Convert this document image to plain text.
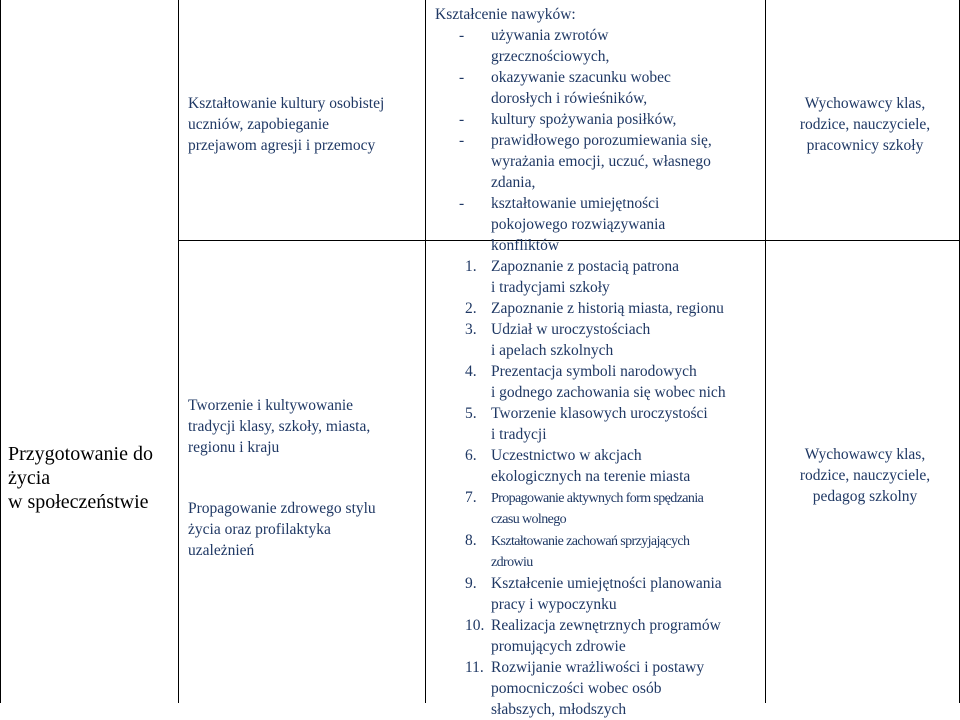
Przygotowanie do
życia
w społeczeństwie
Kształtowanie kultury osobistej
uczniów, zapobieganie
przejawom agresji i przemocy
Tworzenie i kultywowanie
tradycji klasy, szkoły, miasta,
regionu i kraju
Propagowanie zdrowego stylu
życia oraz profilaktyka
uzależnień
Kształcenie nawyków:
- używania zwrotów
grzecznościowych,
- okazywanie szacunku wobec
dorosłych i rówieśników,
- kultury spożywania posiłków,
- prawidłowego porozumiewania się,
wyrażania emocji, uczuć, własnego
zdania,
- kształtowanie umiejętności
pokojowego rozwiązywania
konfliktów
1. Zapoznanie z postacią patrona
i tradycjami szkoły
2. Zapoznanie z historią miasta, regionu
3. Udział w uroczystościach
i apelach szkolnych
4. Prezentacja symboli narodowych
i godnego zachowania się wobec nich
5. Tworzenie klasowych uroczystości
i tradycji
6. Uczestnictwo w akcjach
ekologicznych na terenie miasta
7. Propagowanie aktywnych form spędzania
czasu wolnego
8. Kształtowanie zachowań sprzyjających
zdrowiu
9. Kształcenie umiejętności planowania
pracy i wypoczynku
10. Realizacja zewnętrznych programów
promujących zdrowie
11. Rozwijanie wrażliwości i postawy
pomocniczości wobec osób
słabszych, młodszych
Wychowawcy klas,
rodzice, nauczyciele,
pracownicy szkoły
Wychowawcy klas,
rodzice, nauczyciele,
pedagog szkolny
